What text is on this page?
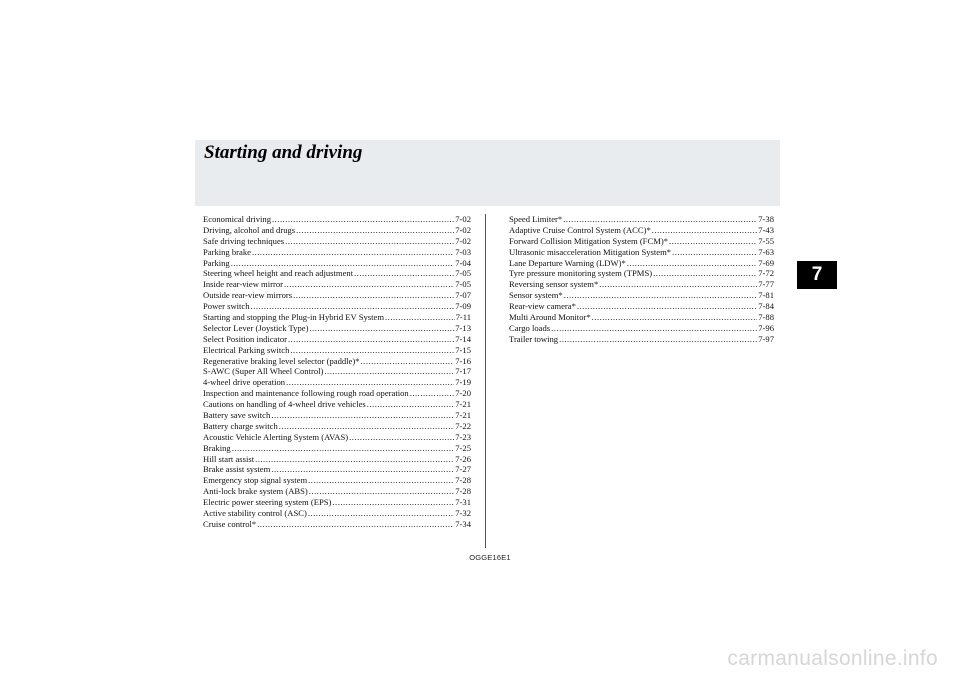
Starting and driving
Economical driving .....	7-02
Driving, alcohol and drugs .....	7-02
Safe driving techniques .....	7-02
Parking brake .....	7-03
Parking .....	7-04
Steering wheel height and reach adjustment .....	7-05
Inside rear-view mirror .....	7-05
Outside rear-view mirrors .....	7-07
Power switch .....	7-09
Starting and stopping the Plug-in Hybrid EV System .....	7-11
Selector Lever (Joystick Type) .....	7-13
Select Position indicator .....	7-14
Electrical Parking switch .....	7-15
Regenerative braking level selector (paddle)* .....	7-16
S-AWC (Super All Wheel Control) .....	7-17
4-wheel drive operation .....	7-19
Inspection and maintenance following rough road operation .....	7-20
Cautions on handling of 4-wheel drive vehicles .....	7-21
Battery save switch .....	7-21
Battery charge switch .....	7-22
Acoustic Vehicle Alerting System (AVAS) .....	7-23
Braking .....	7-25
Hill start assist .....	7-26
Brake assist system .....	7-27
Emergency stop signal system .....	7-28
Anti-lock brake system (ABS) .....	7-28
Electric power steering system (EPS) .....	7-31
Active stability control (ASC) .....	7-32
Cruise control* .....	7-34
Speed Limiter* .....	7-38
Adaptive Cruise Control System (ACC)* .....	7-43
Forward Collision Mitigation System (FCM)* .....	7-55
Ultrasonic misacceleration Mitigation System* .....	7-63
Lane Departure Warning (LDW)* .....	7-69
Tyre pressure monitoring system (TPMS) .....	7-72
Reversing sensor system* .....	7-77
Sensor system* .....	7-81
Rear-view camera* .....	7-84
Multi Around Monitor* .....	7-88
Cargo loads .....	7-96
Trailer towing .....	7-97
OGGE16E1
7
carmanualsonline.info
